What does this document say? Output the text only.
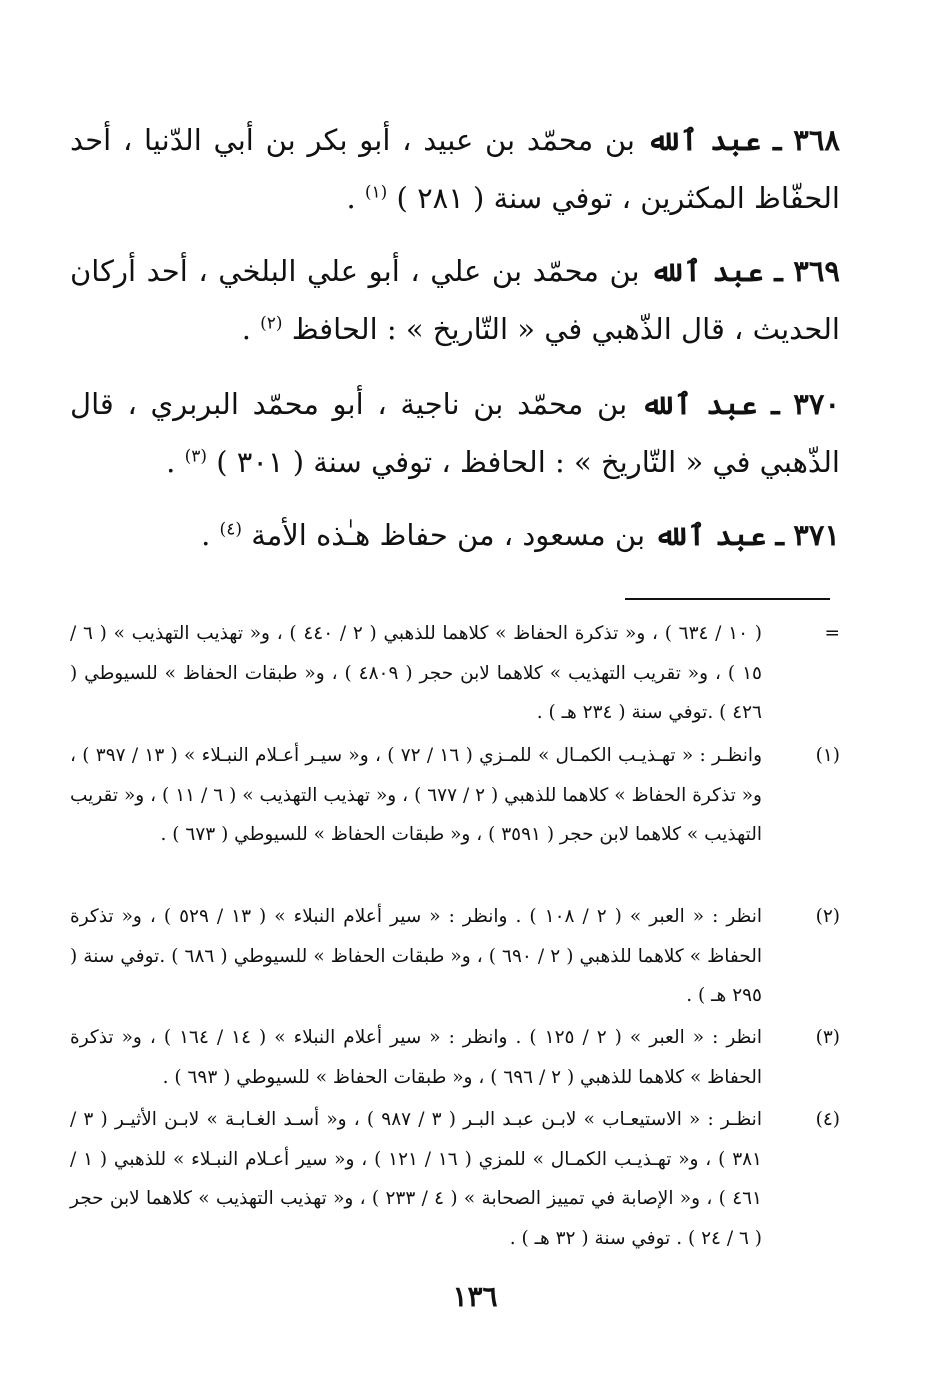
٣٦٨ ـ عبد ٱلله بن محمّد بن عبيد ، أبو بكر بن أبي الدّنيا ، أحد الحفّاظ المكثرين ، توفي سنة ( ٢٨١ ) $^{(١)}$ .
٣٦٩ ـ عبد ٱلله بن محمّد بن علي ، أبو علي البلخي ، أحد أركان الحديث ، قال الذّهبي في « التّاريخ » : الحافظ $^{(٢)}$ .
٣٧٠ ـ عبد ٱلله بن محمّد بن ناجية ، أبو محمّد البربري ، قال الذّهبي في « التّاريخ » : الحافظ ، توفي سنة ( ٣٠١ ) $^{(٣)}$ .
٣٧١ ـ عبد ٱلله بن مسعود ، من حفاظ هـٰذه الأمة $^{(٤)}$ .
=
( ١٠ / ٦٣٤ ) ، و« تذكرة الحفاظ » كلاهما للذهبي ( ٢ / ٤٤٠ ) ، و« تهذيب التهذيب » ( ٦ / ١٥ ) ، و« تقريب التهذيب » كلاهما لابن حجر ( ٤٨٠٩ ) ، و« طبقات الحفاظ » للسيوطي ( ٤٢٦ ) .توفي سنة ( ٢٣٤ هـ ) .
(١)
وانظـر : « تهـذيـب الكمـال » للمـزي ( ١٦ / ٧٢ ) ، و« سيـر أعـلام النبـلاء » ( ١٣ / ٣٩٧ ) ، و« تذكرة الحفاظ » كلاهما للذهبي ( ٢ / ٦٧٧ ) ، و« تهذيب التهذيب » ( ٦ / ١١ ) ، و« تقريب التهذيب » كلاهما لابن حجر ( ٣٥٩١ ) ، و« طبقات الحفاظ » للسيوطي ( ٦٧٣ ) .
(٢)
انظر : « العبر » ( ٢ / ١٠٨ ) . وانظر : « سير أعلام النبلاء » ( ١٣ / ٥٢٩ ) ، و« تذكرة الحفاظ » كلاهما للذهبي ( ٢ / ٦٩٠ ) ، و« طبقات الحفاظ » للسيوطي ( ٦٨٦ ) .توفي سنة ( ٢٩٥ هـ ) .
(٣)
انظر : « العبر » ( ٢ / ١٢٥ ) . وانظر : « سير أعلام النبلاء » ( ١٤ / ١٦٤ ) ، و« تذكرة الحفاظ » كلاهما للذهبي ( ٢ / ٦٩٦ ) ، و« طبقات الحفاظ » للسيوطي ( ٦٩٣ ) .
(٤)
انظـر : « الاستيعـاب » لابـن عبـد البـر ( ٣ / ٩٨٧ ) ، و« أسـد الغـابـة » لابـن الأثيـر ( ٣ / ٣٨١ ) ، و« تهـذيـب الكمـال » للمزي ( ١٦ / ١٢١ ) ، و« سير أعـلام النبـلاء » للذهبي ( ١ / ٤٦١ ) ، و« الإصابة في تمييز الصحابة » ( ٤ / ٢٣٣ ) ، و« تهذيب التهذيب » كلاهما لابن حجر ( ٦ / ٢٤ ) . توفي سنة ( ٣٢ هـ ) .
١٣٦
